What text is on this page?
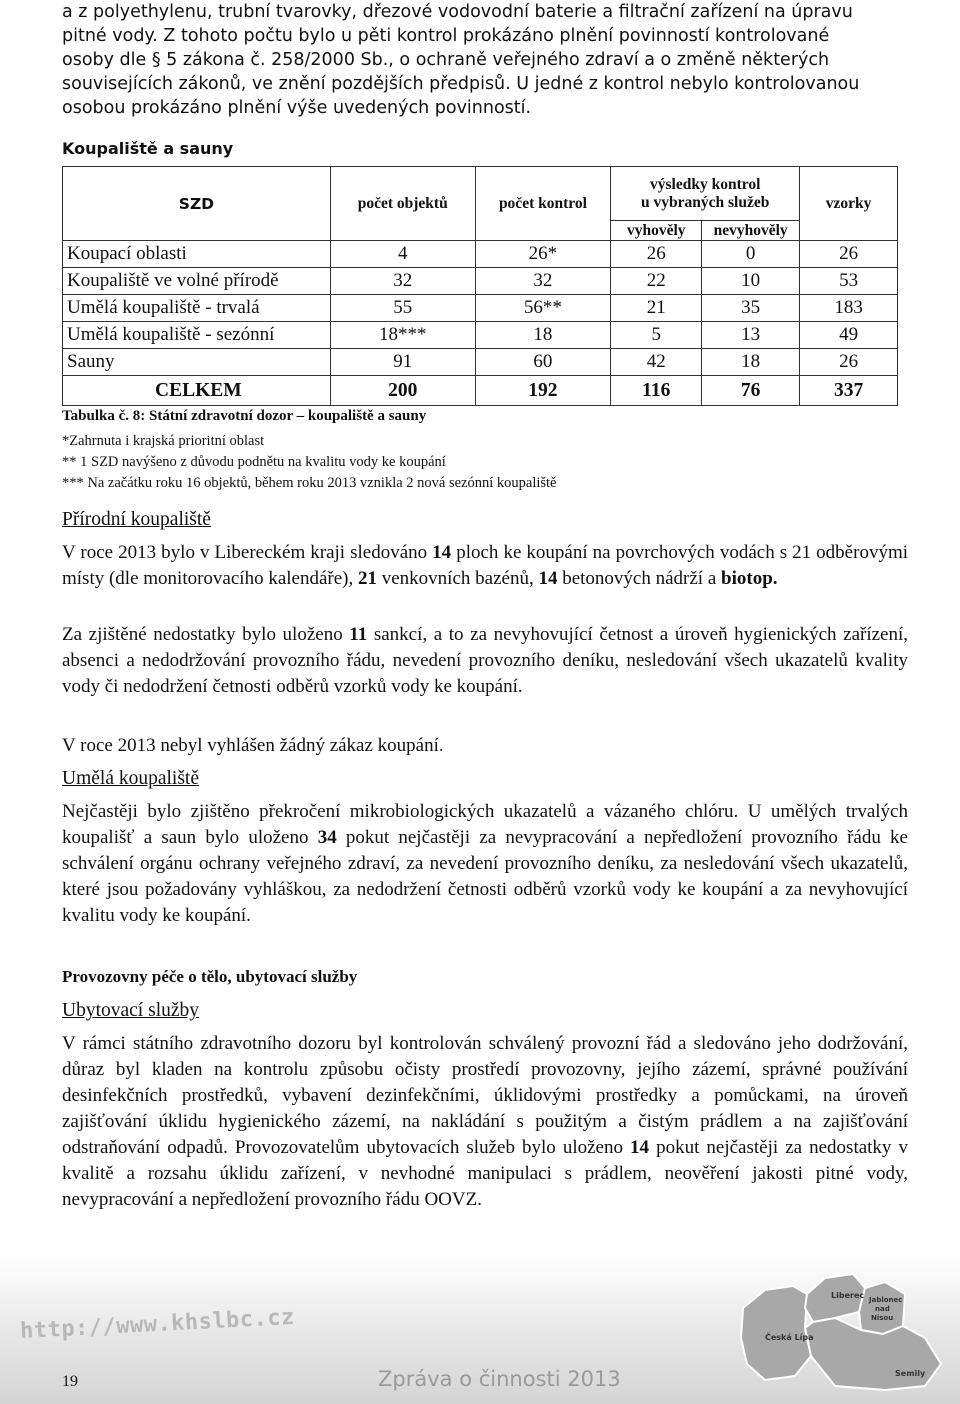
a z polyethylenu, trubní tvarovky, dřezové vodovodní baterie a filtrační zařízení na úpravu
pitné vody. Z tohoto počtu bylo u pěti kontrol prokázáno plnění povinností kontrolované
osoby dle § 5 zákona č. 258/2000 Sb., o ochraně veřejného zdraví a o změně některých
souvisejících zákonů, ve znění pozdějších předpisů. U jedné z kontrol nebylo kontrolovanou
osobou prokázáno plnění výše uvedených povinností.
Koupaliště a sauny
SZD	počet objektů	počet kontrol	výsledky kontrol
u vybraných služeb		vzorky
			vyhověly	nevyhověly	
Koupací oblasti	4	26*	26	0	26
Koupaliště ve volné přírodě	32	32	22	10	53
Umělá koupaliště - trvalá	55	56**	21	35	183
Umělá koupaliště - sezónní	18***	18	5	13	49
Sauny	91	60	42	18	26
CELKEM	200	192	116	76	337
Tabulka č. 8: Státní zdravotní dozor – koupaliště a sauny
*Zahrnuta i krajská prioritní oblast
** 1 SZD navýšeno z důvodu podnětu na kvalitu vody ke koupání
*** Na začátku roku 16 objektů, během roku 2013 vznikla 2 nová sezónní koupaliště
Přírodní koupaliště

V roce 2013 bylo v Libereckém kraji sledováno 14 ploch ke koupání na povrchových vodách s 21 odběrovými místy (dle monitorovacího kalendáře), 21 venkovních bazénů, 14 betonových nádrží a biotop.

Za zjištěné nedostatky bylo uloženo 11 sankcí, a to za nevyhovující četnost a úroveň hygienických zařízení, absenci a nedodržování provozního řádu, nevedení provozního deníku, nesledování všech ukazatelů kvality vody či nedodržení četnosti odběrů vzorků vody ke koupání.

V roce 2013 nebyl vyhlášen žádný zákaz koupání.

Umělá koupaliště

Nejčastěji bylo zjištěno překročení mikrobiologických ukazatelů a vázaného chlóru. U umělých trvalých koupališť a saun bylo uloženo 34 pokut nejčastěji za nevypracování a nepředložení provozního řádu ke schválení orgánu ochrany veřejného zdraví, za nevedení provozního deníku, za nesledování všech ukazatelů, které jsou požadovány vyhláškou, za nedodržení četnosti odběrů vzorků vody ke koupání a za nevyhovující kvalitu vody ke koupání.

Provozovny péče o tělo, ubytovací služby
Ubytovací služby

V rámci státního zdravotního dozoru byl kontrolován schválený provozní řád a sledováno jeho dodržování, důraz byl kladen na kontrolu způsobu očisty prostředí provozovny, jejího zázemí, správné používání desinfekčních prostředků, vybavení dezinfekčními, úklidovými prostředky a pomůckami, na úroveň zajišťování úklidu hygienického zázemí, na nakládání s použitým a čistým prádlem a na zajišťování odstraňování odpadů. Provozovatelům ubytovacích služeb bylo uloženo 14 pokut nejčastěji za nedostatky v kvalitě a rozsahu úklidu zařízení, v nevhodné manipulaci s prádlem, neověření jakosti pitné vody, nevypracování a nepředložení provozního řádu OOVZ.

http://www.khslbc.cz
Liberec Jablonec
nad
Nisou
Česká Lípa
Semily
19	Zpráva o činnosti 2013
